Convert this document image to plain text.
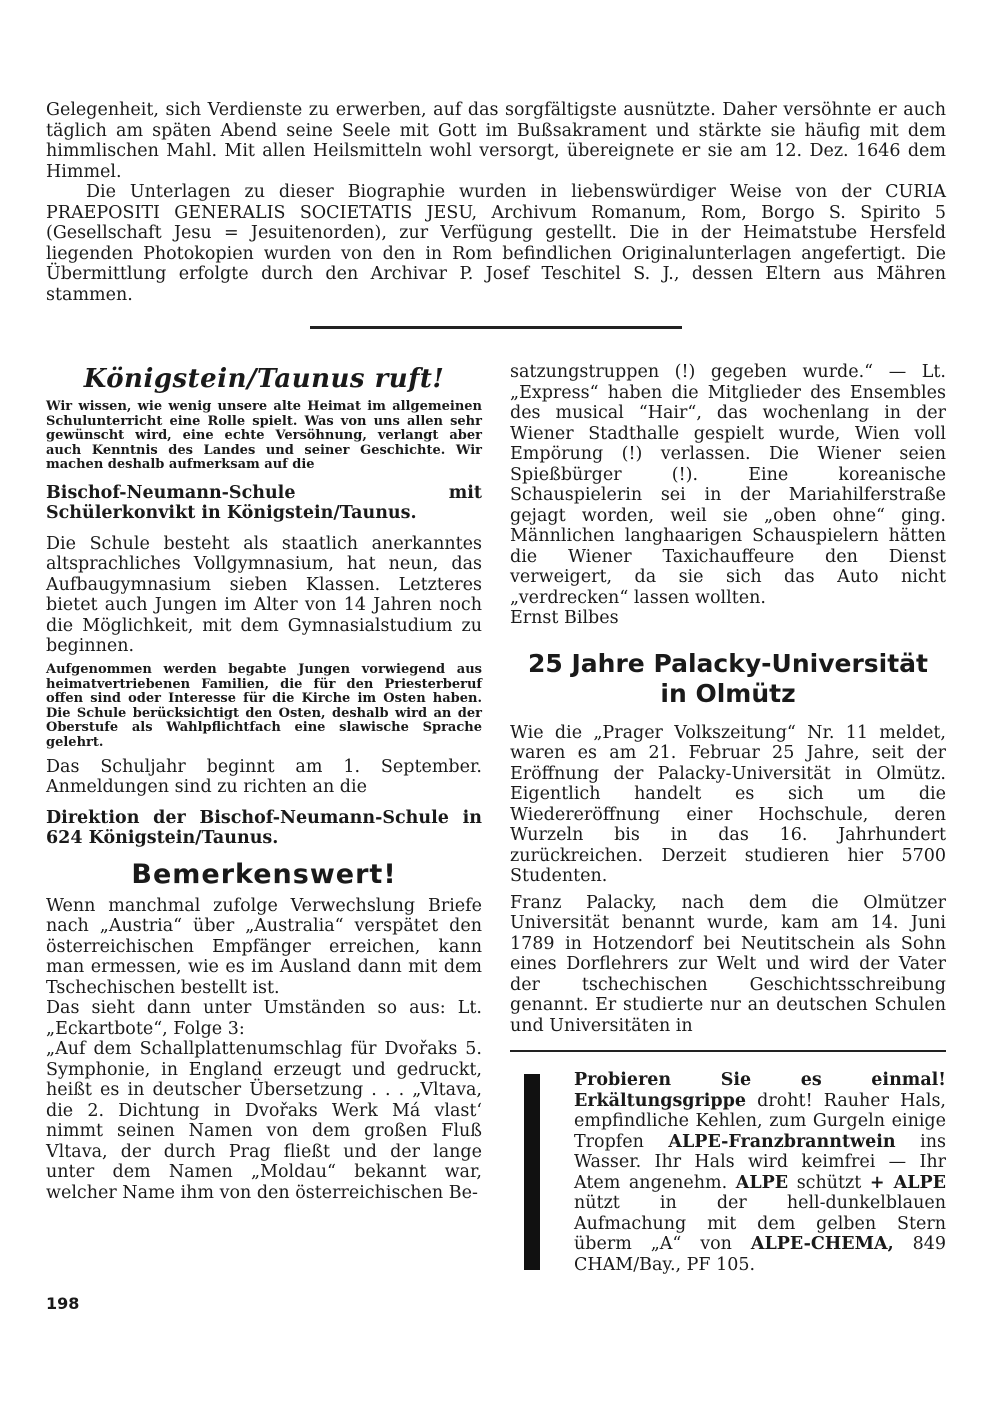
Gelegenheit, sich Verdienste zu erwerben, auf das sorgfältigste ausnützte. Daher versöhnte er auch täglich am späten Abend seine Seele mit Gott im Bußsakrament und stärkte sie häufig mit dem himmlischen Mahl. Mit allen Heilsmitteln wohl versorgt, übereignete er sie am 12. Dez. 1646 dem Himmel.

Die Unterlagen zu dieser Biographie wurden in liebenswürdiger Weise von der CURIA PRAEPOSITI GENERALIS SOCIETATIS JESU, Archivum Romanum, Rom, Borgo S. Spirito 5 (Gesellschaft Jesu = Jesuitenorden), zur Verfügung gestellt. Die in der Heimatstube Hersfeld liegenden Photokopien wurden von den in Rom befindlichen Originalunterlagen angefertigt. Die Übermittlung erfolgte durch den Archivar P. Josef Teschitel S. J., dessen Eltern aus Mähren stammen.

Königstein/Taunus ruft!

Wir wissen, wie wenig unsere alte Heimat im allgemeinen Schulunterricht eine Rolle spielt. Was von uns allen sehr gewünscht wird, eine echte Versöhnung, verlangt aber auch Kenntnis des Landes und seiner Geschichte. Wir machen deshalb aufmerksam auf die

Bischof-Neumann-Schule mit Schülerkonvikt in Königstein/Taunus.

Die Schule besteht als staatlich anerkanntes altsprachliches Vollgymnasium, hat neun, das Aufbaugymnasium sieben Klassen. Letzteres bietet auch Jungen im Alter von 14 Jahren noch die Möglichkeit, mit dem Gymnasialstudium zu beginnen.

Aufgenommen werden begabte Jungen vorwiegend aus heimatvertriebenen Familien, die für den Priesterberuf offen sind oder Interesse für die Kirche im Osten haben. Die Schule berücksichtigt den Osten, deshalb wird an der Oberstufe als Wahlpflichtfach eine slawische Sprache gelehrt.

Das Schuljahr beginnt am 1. September. Anmeldungen sind zu richten an die

Direktion der Bischof-Neumann-Schule in 624 Königstein/Taunus.

Bemerkenswert!

Wenn manchmal zufolge Verwechslung Briefe nach „Austria“ über „Australia“ verspätet den österreichischen Empfänger erreichen, kann man ermessen, wie es im Ausland dann mit dem Tschechischen bestellt ist.

Das sieht dann unter Umständen so aus: Lt. „Eckartbote“, Folge 3:

„Auf dem Schallplattenumschlag für Dvořaks 5. Symphonie, in England erzeugt und gedruckt, heißt es in deutscher Übersetzung . . . „Vltava, die 2. Dichtung in Dvořaks Werk Má vlast‘ nimmt seinen Namen von dem großen Fluß Vltava, der durch Prag fließt und der lange unter dem Namen „Moldau“ bekannt war, welcher Name ihm von den österreichischen Be-

satzungstruppen (!) gegeben wurde.“ — Lt. „Express“ haben die Mitglieder des Ensembles des musical “Hair“, das wochenlang in der Wiener Stadthalle gespielt wurde, Wien voll Empörung (!) verlassen. Die Wiener seien Spießbürger (!). Eine koreanische Schauspielerin sei in der Mariahilferstraße gejagt worden, weil sie „oben ohne“ ging. Männlichen langhaarigen Schauspielern hätten die Wiener Taxichauffeure den Dienst verweigert, da sie sich das Auto nicht „verdrecken“ lassen wollten.

Ernst Bilbes

25 Jahre Palacky-Universität
in Olmütz

Wie die „Prager Volkszeitung“ Nr. 11 meldet, waren es am 21. Februar 25 Jahre, seit der Eröffnung der Palacky-Universität in Olmütz. Eigentlich handelt es sich um die Wiedereröffnung einer Hochschule, deren Wurzeln bis in das 16. Jahrhundert zurückreichen. Derzeit studieren hier 5700 Studenten.

Franz Palacky, nach dem die Olmützer Universität benannt wurde, kam am 14. Juni 1789 in Hotzendorf bei Neutitschein als Sohn eines Dorflehrers zur Welt und wird der Vater der tschechischen Geschichtsschreibung genannt. Er studierte nur an deutschen Schulen und Universitäten in

Probieren Sie es einmal! Erkältungsgrippe droht! Rauher Hals, empfindliche Kehlen, zum Gurgeln einige Tropfen ALPE-Franzbranntwein ins Wasser. Ihr Hals wird keimfrei — Ihr Atem angenehm. ALPE schützt + ALPE nützt in der hell-dunkelblauen Aufmachung mit dem gelben Stern überm „A“ von ALPE-CHEMA, 849 CHAM/Bay., PF 105.

198
